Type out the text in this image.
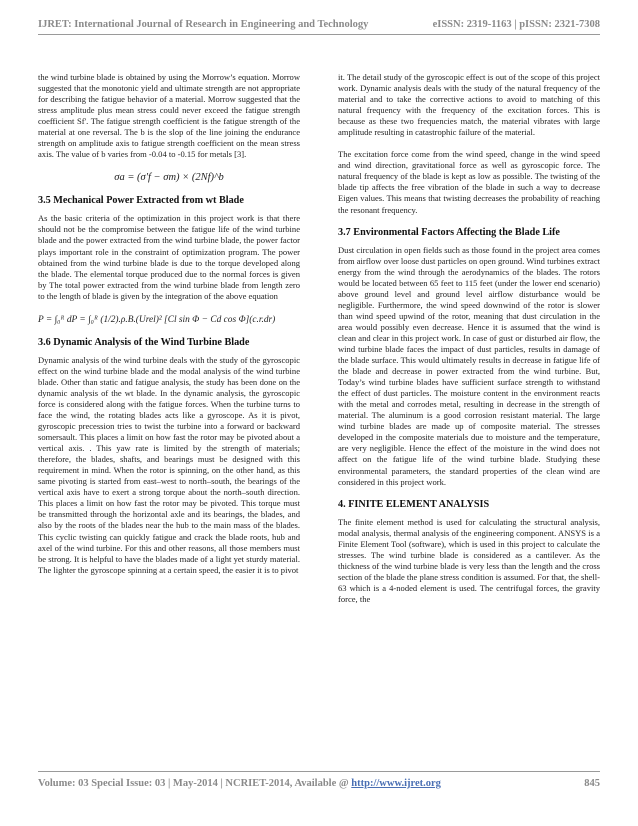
IJRET: International Journal of Research in Engineering and Technology	eISSN: 2319-1163 | pISSN: 2321-7308

the wind turbine blade is obtained by using the Morrow’s equation. Morrow suggested that the monotonic yield and ultimate strength are not appropriate for describing the fatigue behavior of a material. Morrow suggested that the stress amplitude plus mean stress could never exceed the fatigue strength coefficient Sf'. The fatigue strength coefficient is the fatigue strength of the material at one reversal. The b is the slop of the line joining the endurance strength on amplitude axis to fatigue strength coefficient on the mean stress axis. The value of b varies from -0.04 to -0.15 for metals [3].

σa = (σ′f − σm) × (2Nf)^b
3.5 Mechanical Power Extracted from wt Blade

As the basic criteria of the optimization in this project work is that there should not be the compromise between the fatigue life of the wind turbine blade and the power extracted from the wind turbine blade, the power factor plays important role in the constraint of optimization program. The power obtained from the wind turbine blade is due to the torque developed along the blade. The elemental torque produced due to the normal forces is given by The total power extracted from the wind turbine blade from length zero to the length of blade is given by the integration of the above equation

P = ∫₀ᴿ dP = ∫₀ᴿ (1/2).ρ.B.(Urel)² [Cl sin Φ − Cd cos Φ](c.r.dr)
3.6 Dynamic Analysis of the Wind Turbine Blade

Dynamic analysis of the wind turbine deals with the study of the gyroscopic effect on the wind turbine blade and the modal analysis of the wind turbine blade. Other than static and fatigue analysis, the study has been done on the dynamic analysis of the wt blade. In the dynamic analysis, the gyroscopic force is considered along with the fatigue forces. When the turbine turns to face the wind, the rotating blades acts like a gyroscope. As it is pivot, gyroscopic precession tries to twist the turbine into a forward or backward somersault. This places a limit on how fast the rotor may be pivoted about a vertical axis. . This yaw rate is limited by the strength of materials; therefore, the blades, shafts, and bearings must be designed with this requirement in mind. When the rotor is spinning, on the other hand, as this same pivoting is started from east–west to north–south, the bearings of the vertical axis have to exert a strong torque about the north–south direction. This places a limit on how fast the rotor may be pivoted. This torque must be transmitted through the horizontal axle and its bearings, the blades, and also by the roots of the blades near the hub to the main mass of the blades. This cyclic twisting can quickly fatigue and crack the blade roots, hub and axel of the wind turbine. For this and other reasons, all those members must be strong. It is helpful to have the blades made of a light yet sturdy material. The lighter the gyroscope spinning at a certain speed, the easier it is to pivot

it. The detail study of the gyroscopic effect is out of the scope of this project work. Dynamic analysis deals with the study of the natural frequency of the material and to take the corrective actions to avoid to matching of this natural frequency with the frequency of the excitation forces. This is because as these two frequencies match, the material vibrates with large amplitude resulting in catastrophic failure of the material.

The excitation force come from the wind speed, change in the wind speed and wind direction, gravitational force as well as gyroscopic force. The natural frequency of the blade is kept as low as possible. The twisting of the blade tip affects the free vibration of the blade in such a way to decrease Eigen values. This means that twisting decreases the probability of reaching the resonant frequency.

3.7 Environmental Factors Affecting the Blade Life

Dust circulation in open fields such as those found in the project area comes from airflow over loose dust particles on open ground. Wind turbines extract energy from the wind through the aerodynamics of the blades. The rotors would be located between 65 feet to 115 feet (under the lower end scenario) above ground level and ground level airflow disturbance would be negligible. Furthermore, the wind speed downwind of the rotor is slower than wind speed upwind of the rotor, meaning that dust circulation in the area would possibly even decrease. Hence it is assumed that the wind is clean and clear in this project work. In case of gust or disturbed air flow, the wind turbine blade faces the impact of dust particles, results in damage of the blade surface. This would ultimately results in decrease in fatigue life of the blade and decrease in power extracted from the wind turbine. But, Today’s wind turbine blades have sufficient surface strength to withstand the effect of dust particles. The moisture content in the environment reacts with the metal and corrodes metal, resulting in decrease in the strength of material. The aluminum is a good corrosion resistant material. The large wind turbine blades are made up of composite material. The stresses developed in the composite materials due to moisture and the temperature, are very negligible. Hence the effect of the moisture in the wind does not affect on the fatigue life of the wind turbine blade. Studying these environmental parameters, the standard properties of the clean wind are considered in this project work.

4. FINITE ELEMENT ANALYSIS

The finite element method is used for calculating the structural analysis, modal analysis, thermal analysis of the engineering component. ANSYS is a Finite Element Tool (software), which is used in this project to calculate the stresses. The wind turbine blade is considered as a cantilever. As the thickness of the wind turbine blade is very less than the length and the cross section of the blade the plane stress condition is assumed. For that, the shell-63 which is a 4-noded element is used. The centrifugal forces, the gravity force, the

Volume: 03 Special Issue: 03 | May-2014 | NCRIET-2014, Available @ http://www.ijret.org	845
